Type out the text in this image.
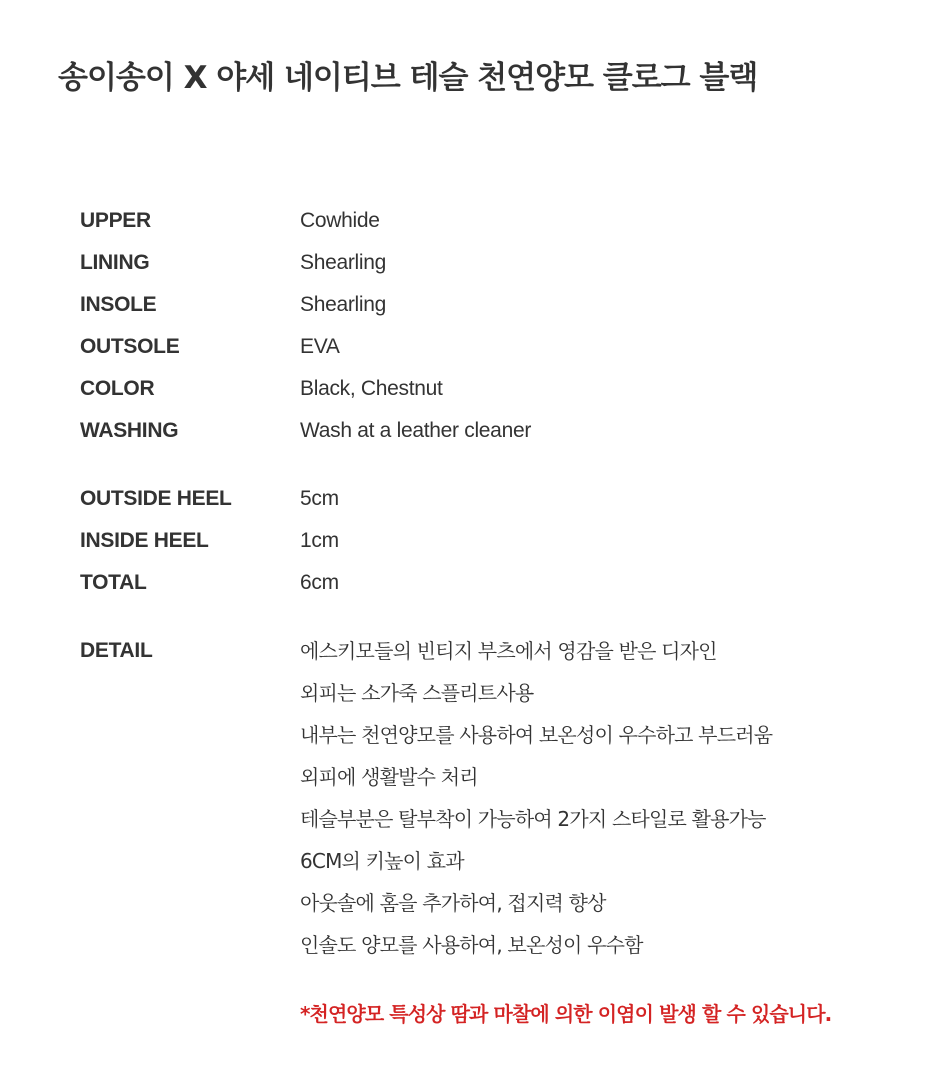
송이송이 X 야세 네이티브 테슬 천연양모 클로그 블랙
UPPER	Cowhide
LINING	Shearling
INSOLE	Shearling
OUTSOLE	EVA
COLOR	Black, Chestnut
WASHING	Wash at a leather cleaner
OUTSIDE HEEL	5cm
INSIDE HEEL	1cm
TOTAL	6cm
DETAIL	에스키모들의 빈티지 부츠에서 영감을 받은 디자인
외피는 소가죽 스플리트사용
내부는 천연양모를 사용하여 보온성이 우수하고 부드러움
외피에 생활발수 처리
테슬부분은 탈부착이 가능하여 2가지 스타일로 활용가능
6CM의 키높이 효과
아웃솔에 홈을 추가하여, 접지력 향상
인솔도 양모를 사용하여, 보온성이 우수함
*천연양모 특성상 땀과 마찰에 의한 이염이 발생 할 수 있습니다.
